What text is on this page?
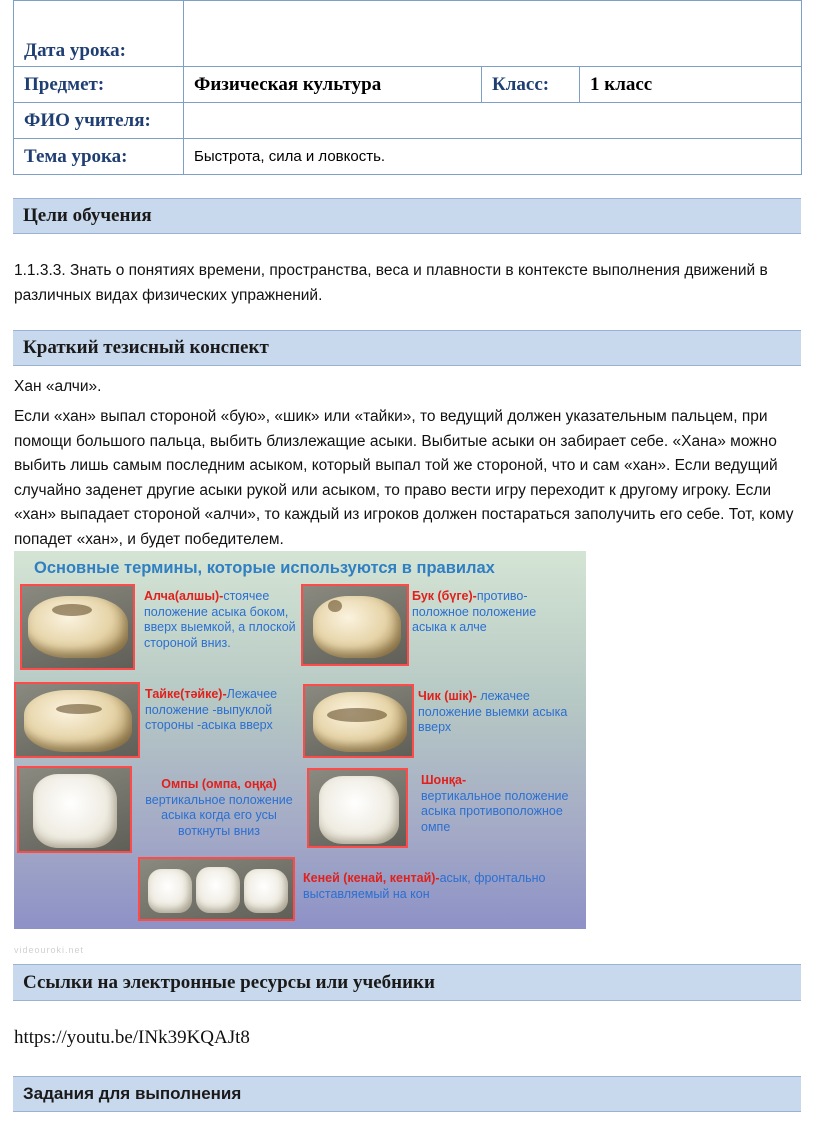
Дата урока:			
Предмет:	Физическая культура	Класс:	1 класс
ФИО учителя:			
Тема урока:	Быстрота, сила и ловкость.		
Цели обучения

1.1.3.3. Знать о понятиях времени, пространства, веса и плавности в контексте выполнения движений в различных видах физических упражнений.

Краткий тезисный конспект

Хан «алчи».

Если «хан» выпал стороной «бую», «шик» или «тайки», то ведущий должен указательным пальцем, при помощи большого пальца, выбить близлежащие асыки. Выбитые асыки он забирает себе. «Хана» можно выбить лишь самым последним асыком, который выпал той же стороной, что и сам «хан». Если ведущий случайно заденет другие асыки рукой или асыком, то право вести игру переходит к другому игроку. Если «хан» выпадает стороной «алчи», то каждый из игроков должен постараться заполучить его себе. Тот, кому попадет «хан», и будет победителем.

Основные термины, которые используются в правилах
Алча(алшы)-стоячее положение асыка боком, вверх выемкой, а плоской стороной вниз.
Бук (бүге)-противо- положное положение асыка к алче
Тайке(тәйке)-Лежачее положение -выпуклой стороны -асыка вверх
Чик (шік)- лежачее положение выемки асыка вверх
Омпы (омпа, оңқа)
вертикальное положение асыка когда его усы воткнуты вниз
Шонқа-
вертикальное положение асыка противоположное омпе
Кеней (кенай, кентай)-асык, фронтально выставляемый на кон
videouroki.net
Ссылки на электронные ресурсы или учебники
https://youtu.be/INk39KQAJt8
Задания для выполнения
